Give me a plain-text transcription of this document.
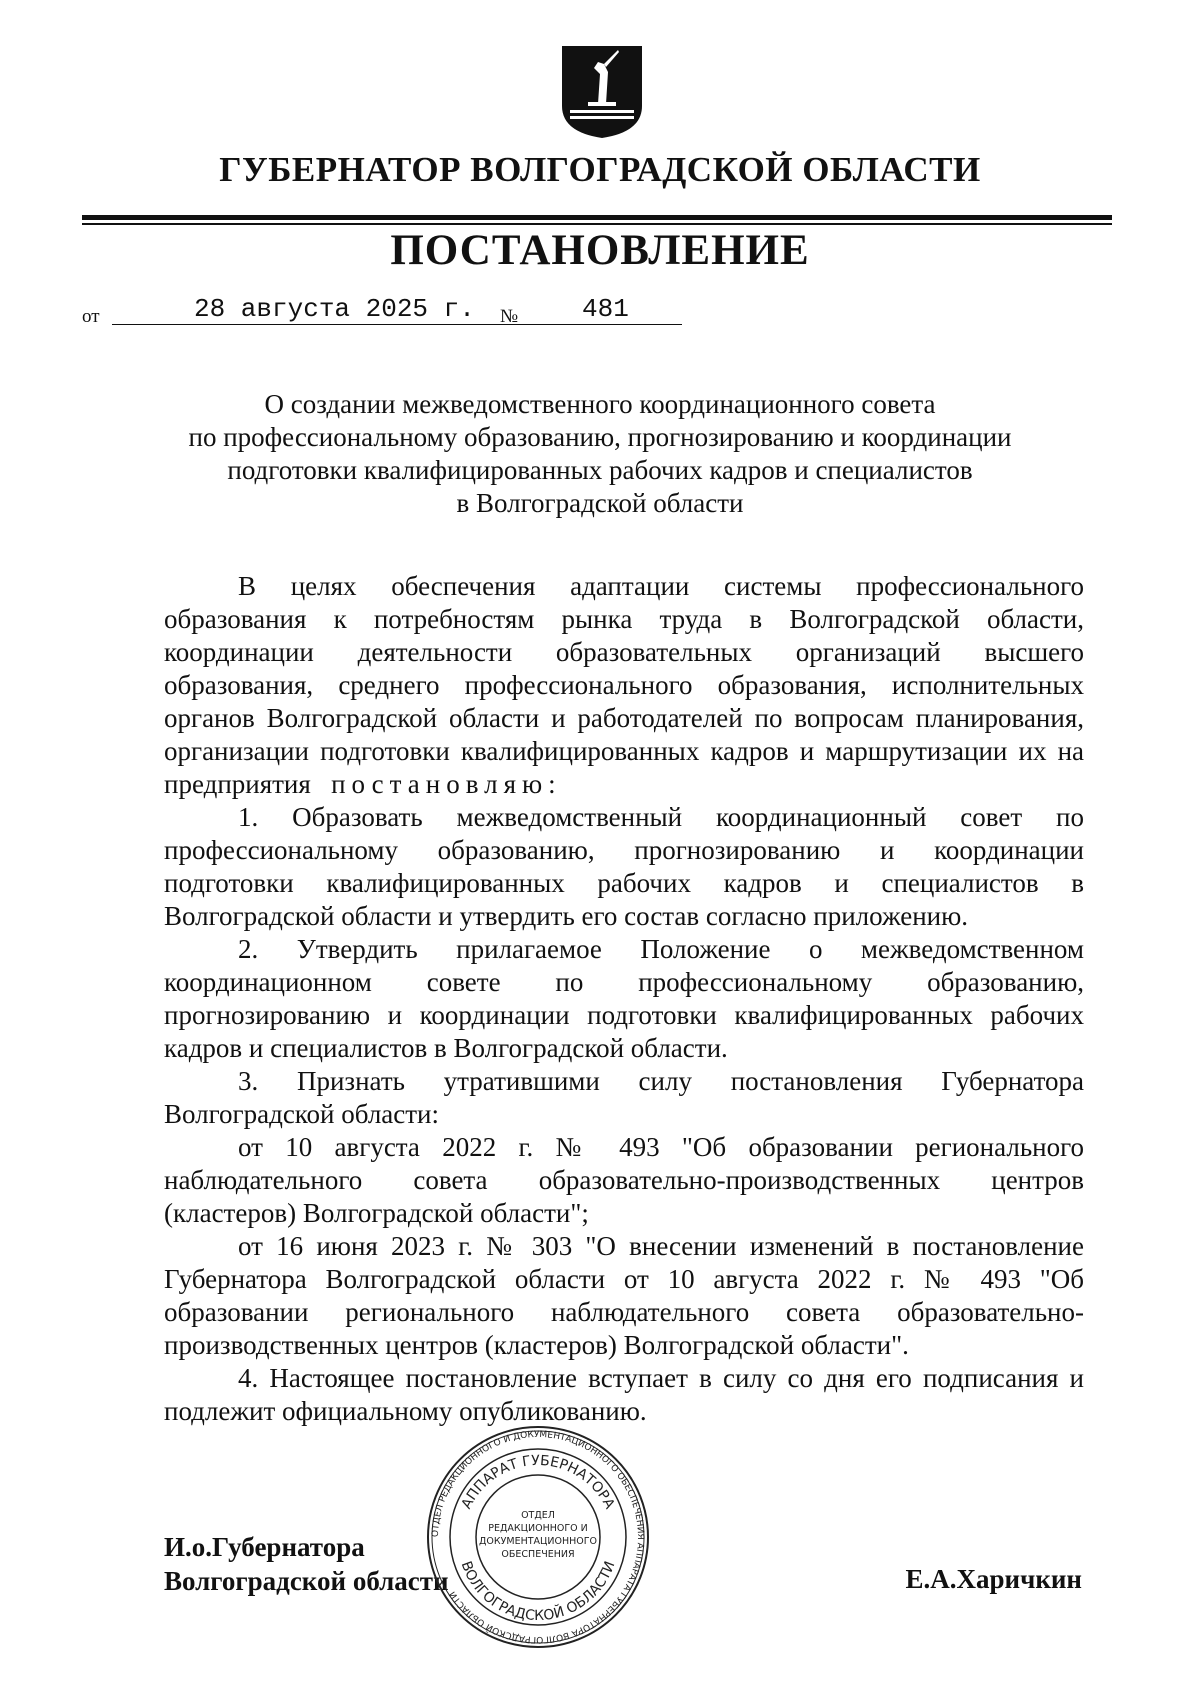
ГУБЕРНАТОР ВОЛГОГРАДСКОЙ ОБЛАСТИ
ПОСТАНОВЛЕНИЕ
от	28 августа 2025 г. № 481
О создании межведомственного координационного совета
по профессиональному образованию, прогнозированию и координации
подготовки квалифицированных рабочих кадров и специалистов
в Волгоградской области

В целях обеспечения адаптации системы профессионального образования к потребностям рынка труда в Волгоградской области, координации деятельности образовательных организаций высшего образования, среднего профессионального образования, исполнительных органов Волгоградской области и работодателей по вопросам планирования, организации подготовки квалифицированных кадров и маршрутизации их на предприятия постановляю:

1. Образовать межведомственный координационный совет по профессиональному образованию, прогнозированию и координации подготовки квалифицированных рабочих кадров и специалистов в Волгоградской области и утвердить его состав согласно приложению.

2. Утвердить прилагаемое Положение о межведомственном координационном совете по профессиональному образованию, прогнозированию и координации подготовки квалифицированных рабочих кадров и специалистов в Волгоградской области.

3. Признать утратившими силу постановления Губернатора Волгоградской области:

от 10 августа 2022 г. № 493 "Об образовании регионального наблюдательного совета образовательно-производственных центров (кластеров) Волгоградской области";

от 16 июня 2023 г. № 303 "О внесении изменений в постановление Губернатора Волгоградской области от 10 августа 2022 г. № 493 "Об образовании регионального наблюдательного совета образовательно-производственных центров (кластеров) Волгоградской области".

4. Настоящее постановление вступает в силу со дня его подписания и подлежит официальному опубликованию.

И.о.Губернатора
Волгоградской области	Е.А.Харичкин
ОТДЕЛ РЕДАКЦИОННОГО И ДОКУМЕНТАЦИОННОГО ОБЕСПЕЧЕНИЯ АППАРАТА ГУБЕРНАТОРА ВОЛГОГРАДСКОЙ ОБЛАСТИ
АППАРАТ ГУБЕРНАТОРА
ВОЛГОГРАДСКОЙ ОБЛАСТИ
ОТДЕЛ
РЕДАКЦИОННОГО И
ДОКУМЕНТАЦИОННОГО
ОБЕСПЕЧЕНИЯ
